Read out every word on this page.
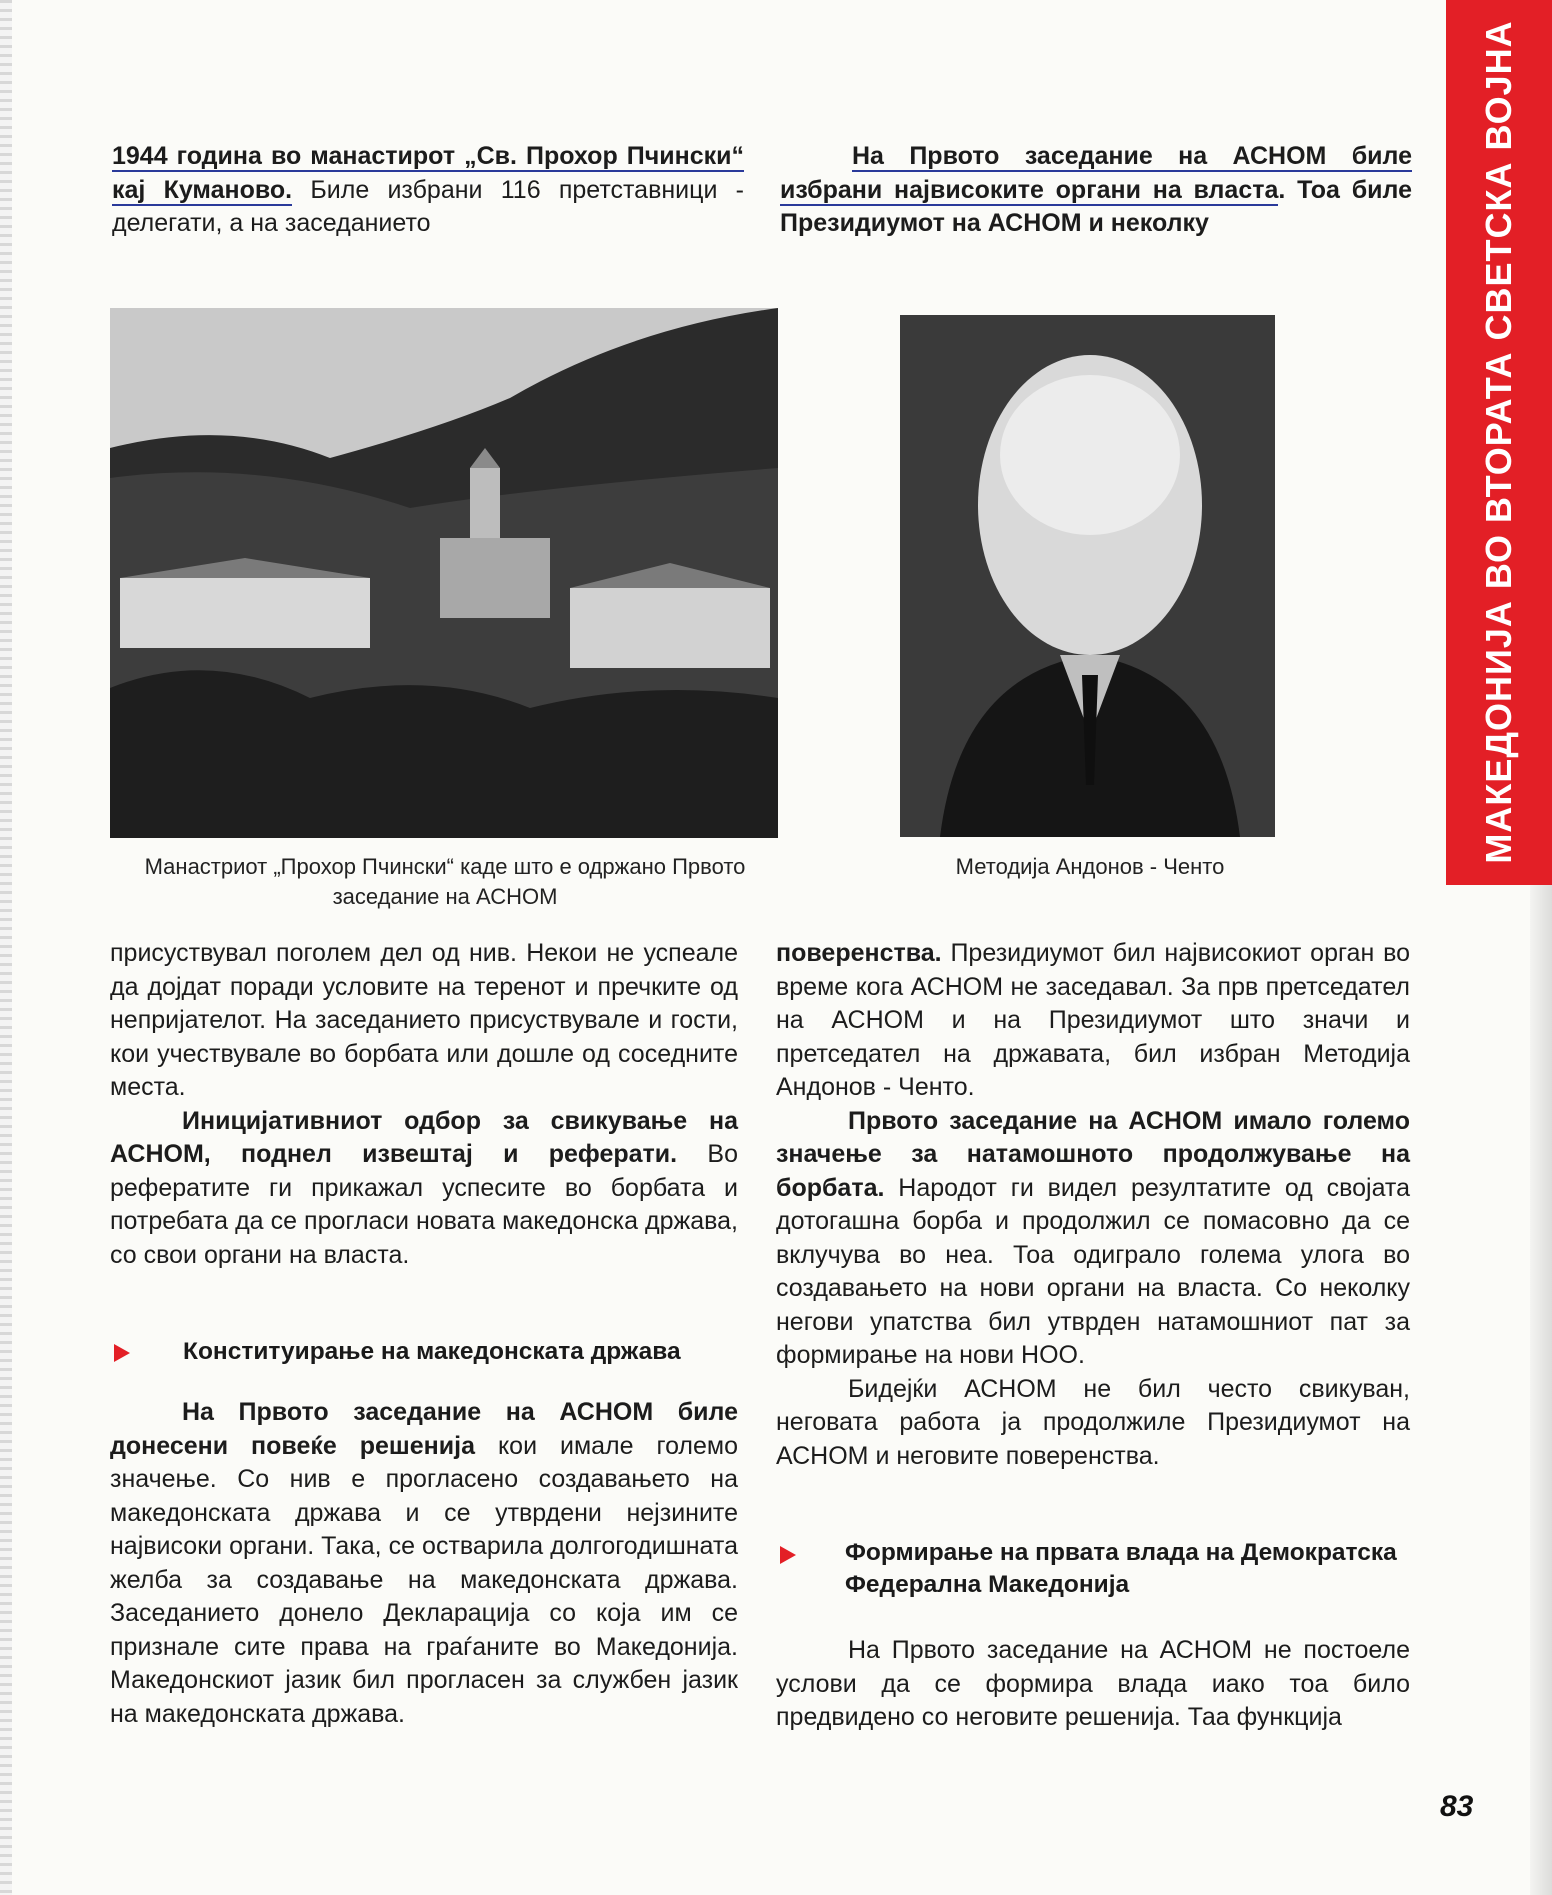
МАКЕДОНИЈА ВО ВТОРАТА СВЕТСКА ВОЈНА

1944 година во манастирот „Св. Прохор Пчински“ кај Куманово. Биле избрани 116 претставници - делегати, а на заседанието

На Првото заседание на АСНОМ биле избрани највисоките органи на власта. Тоа биле Президиумот на АСНОМ и неколку

Манастриот „Прохор Пчински“ каде што е одржано Првото заседание на АСНОМ
Методија Андонов - Ченто

присуствувал поголем дел од нив. Некои не успеале да дојдат поради условите на теренот и пречките од непријателот. На заседанието присуствувале и гости, кои учествувале во борбата или дошле од соседните места.

Иницијативниот одбор за свикување на АСНОМ, поднел извештај и реферати. Во рефератите ги прикажал успесите во борбата и потребата да се прогласи новата македонска држава, со свои органи на власта.

поверенства. Президиумот бил највисокиот орган во време кога АСНОМ не заседавал. За прв претседател на АСНОМ и на Президиумот што значи и претседател на државата, бил избран Методија Андонов - Ченто.

Првото заседание на АСНОМ имало големо значење за натамошното продолжување на борбата. Народот ги видел резултатите од својата дотогашна борба и продолжил се помасовно да се вклучува во неа. Тоа одиграло голема улога во создавањето на нови органи на власта. Со неколку негови упатства бил утврден натамошниот пат за формирање на нови НОО.

Бидејќи АСНОМ не бил често свикуван, неговата работа ја продолжиле Президиумот на АСНОМ и неговите поверенства.

Конституирање на македонската држава

На Првото заседание на АСНОМ биле донесени повеќе решенија кои имале големо значење. Со нив е прогласено создавањето на македонската држава и се утврдени нејзините највисоки органи. Така, се остварила долгогодишната желба за создавање на македонската држава. Заседанието донело Декларација со која им се признале сите права на граѓаните во Македонија. Македонскиот јазик бил прогласен за службен јазик на македонската држава.

Формирање на првата влада на Демократска Федерална Македонија

На Првото заседание на АСНОМ не постоеле услови да се формира влада иако тоа било предвидено со неговите решенија. Таа функција

83
